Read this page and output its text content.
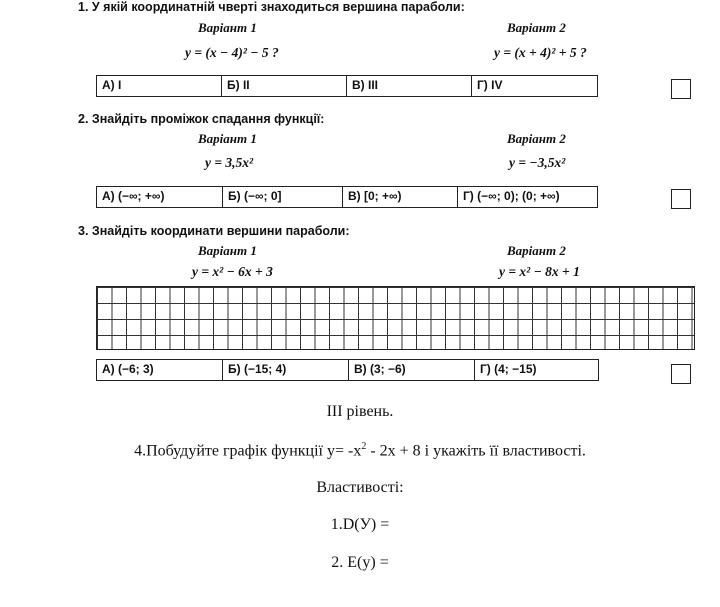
1. У якій координатній чверті знаходиться вершина параболи:
Варіант 1	Варіант 2
y = (x − 4)² − 5 ?	y = (x + 4)² + 5 ?
А) I	Б) II	В) III	Г) IV
2. Знайдіть проміжок спадання функції:
Варіант 1	Варіант 2
y = 3,5x²	y = −3,5x²
А) (−∞; +∞)	Б) (−∞; 0]	В) [0; +∞)	Г) (−∞; 0); (0; +∞)
3. Знайдіть координати вершини параболи:
Варіант 1	Варіант 2
y = x² − 6x + 3	y = x² − 8x + 1
А) (−6; 3)	Б) (−15; 4)	В) (3; −6)	Г) (4; −15)
III рівень.
4.Побудуйте графік функції $y= -x^2 - 2x + 8$ і укажіть її властивості.
Властивості:
1.D(У) =
2. E(y) =
